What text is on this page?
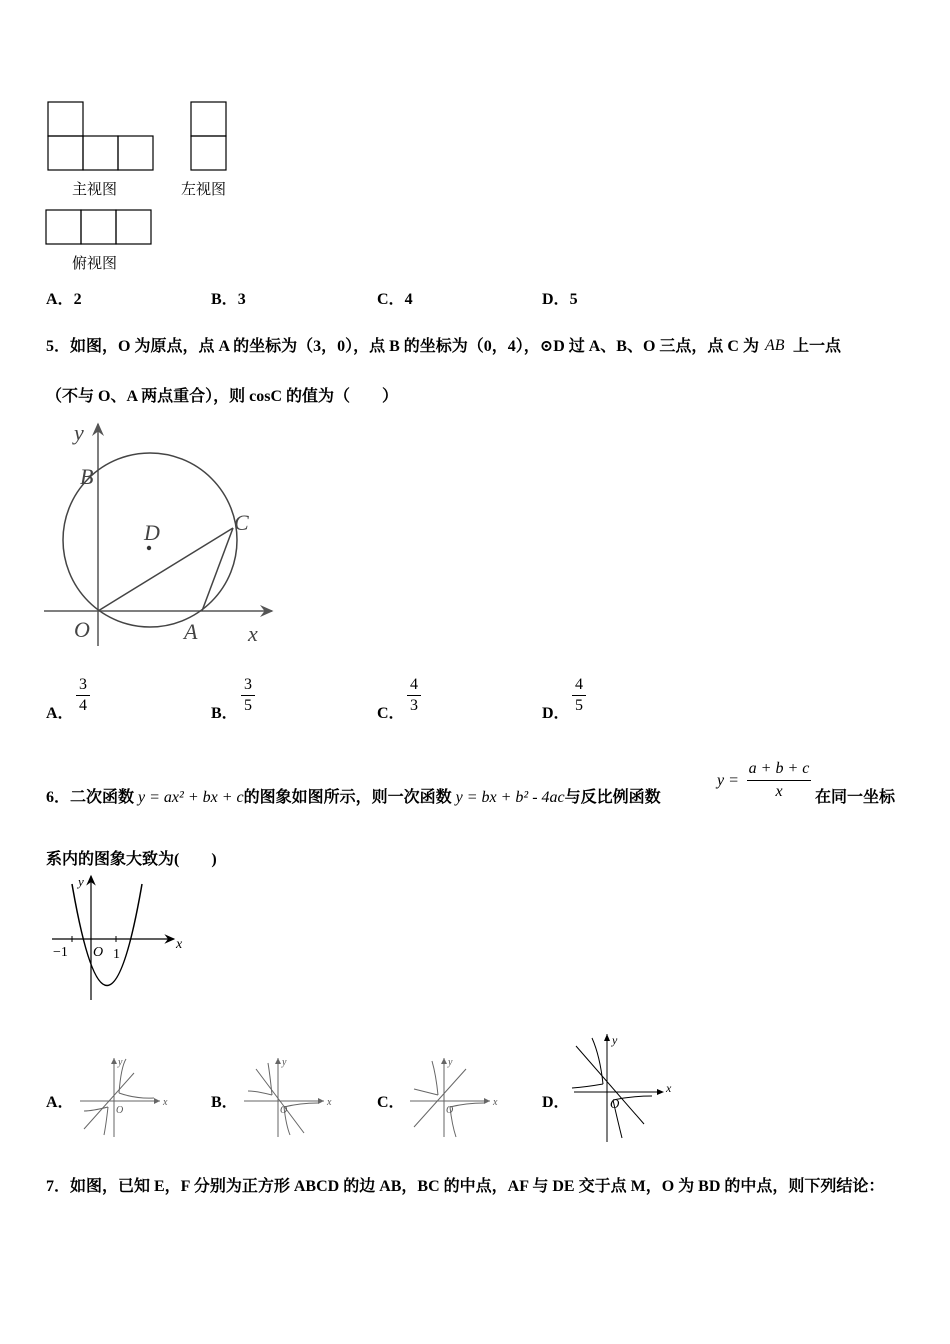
主视图	左视图
俯视图
A．2	B．3	C．4	D．5
5．如图，O 为原点，点 A 的坐标为（3，0），点 B 的坐标为（0，4），⊙D 过 A、B、O 三点，点 C 为 AB 上一点
（不与 O、A 两点重合），则 cosC 的值为（　　）
y
B
D	C
O	A x
A．
3
4	B．
3
5	C．
4
3	D．
4
5
6．二次函数 y = ax² + bx + c的图象如图所示，则一次函数 y = bx + b² - 4ac与反比例函数
y =
a + b + c
x	在同一坐标
系内的图象大致为(　　)
y
x
−1 O 1
A．	x
y
O	B．	x
y
O	C．	x
y
O	D．
x
y
O
7．如图，已知 E，F 分别为正方形 ABCD 的边 AB，BC 的中点，AF 与 DE 交于点 M，O 为 BD 的中点，则下列结论：
